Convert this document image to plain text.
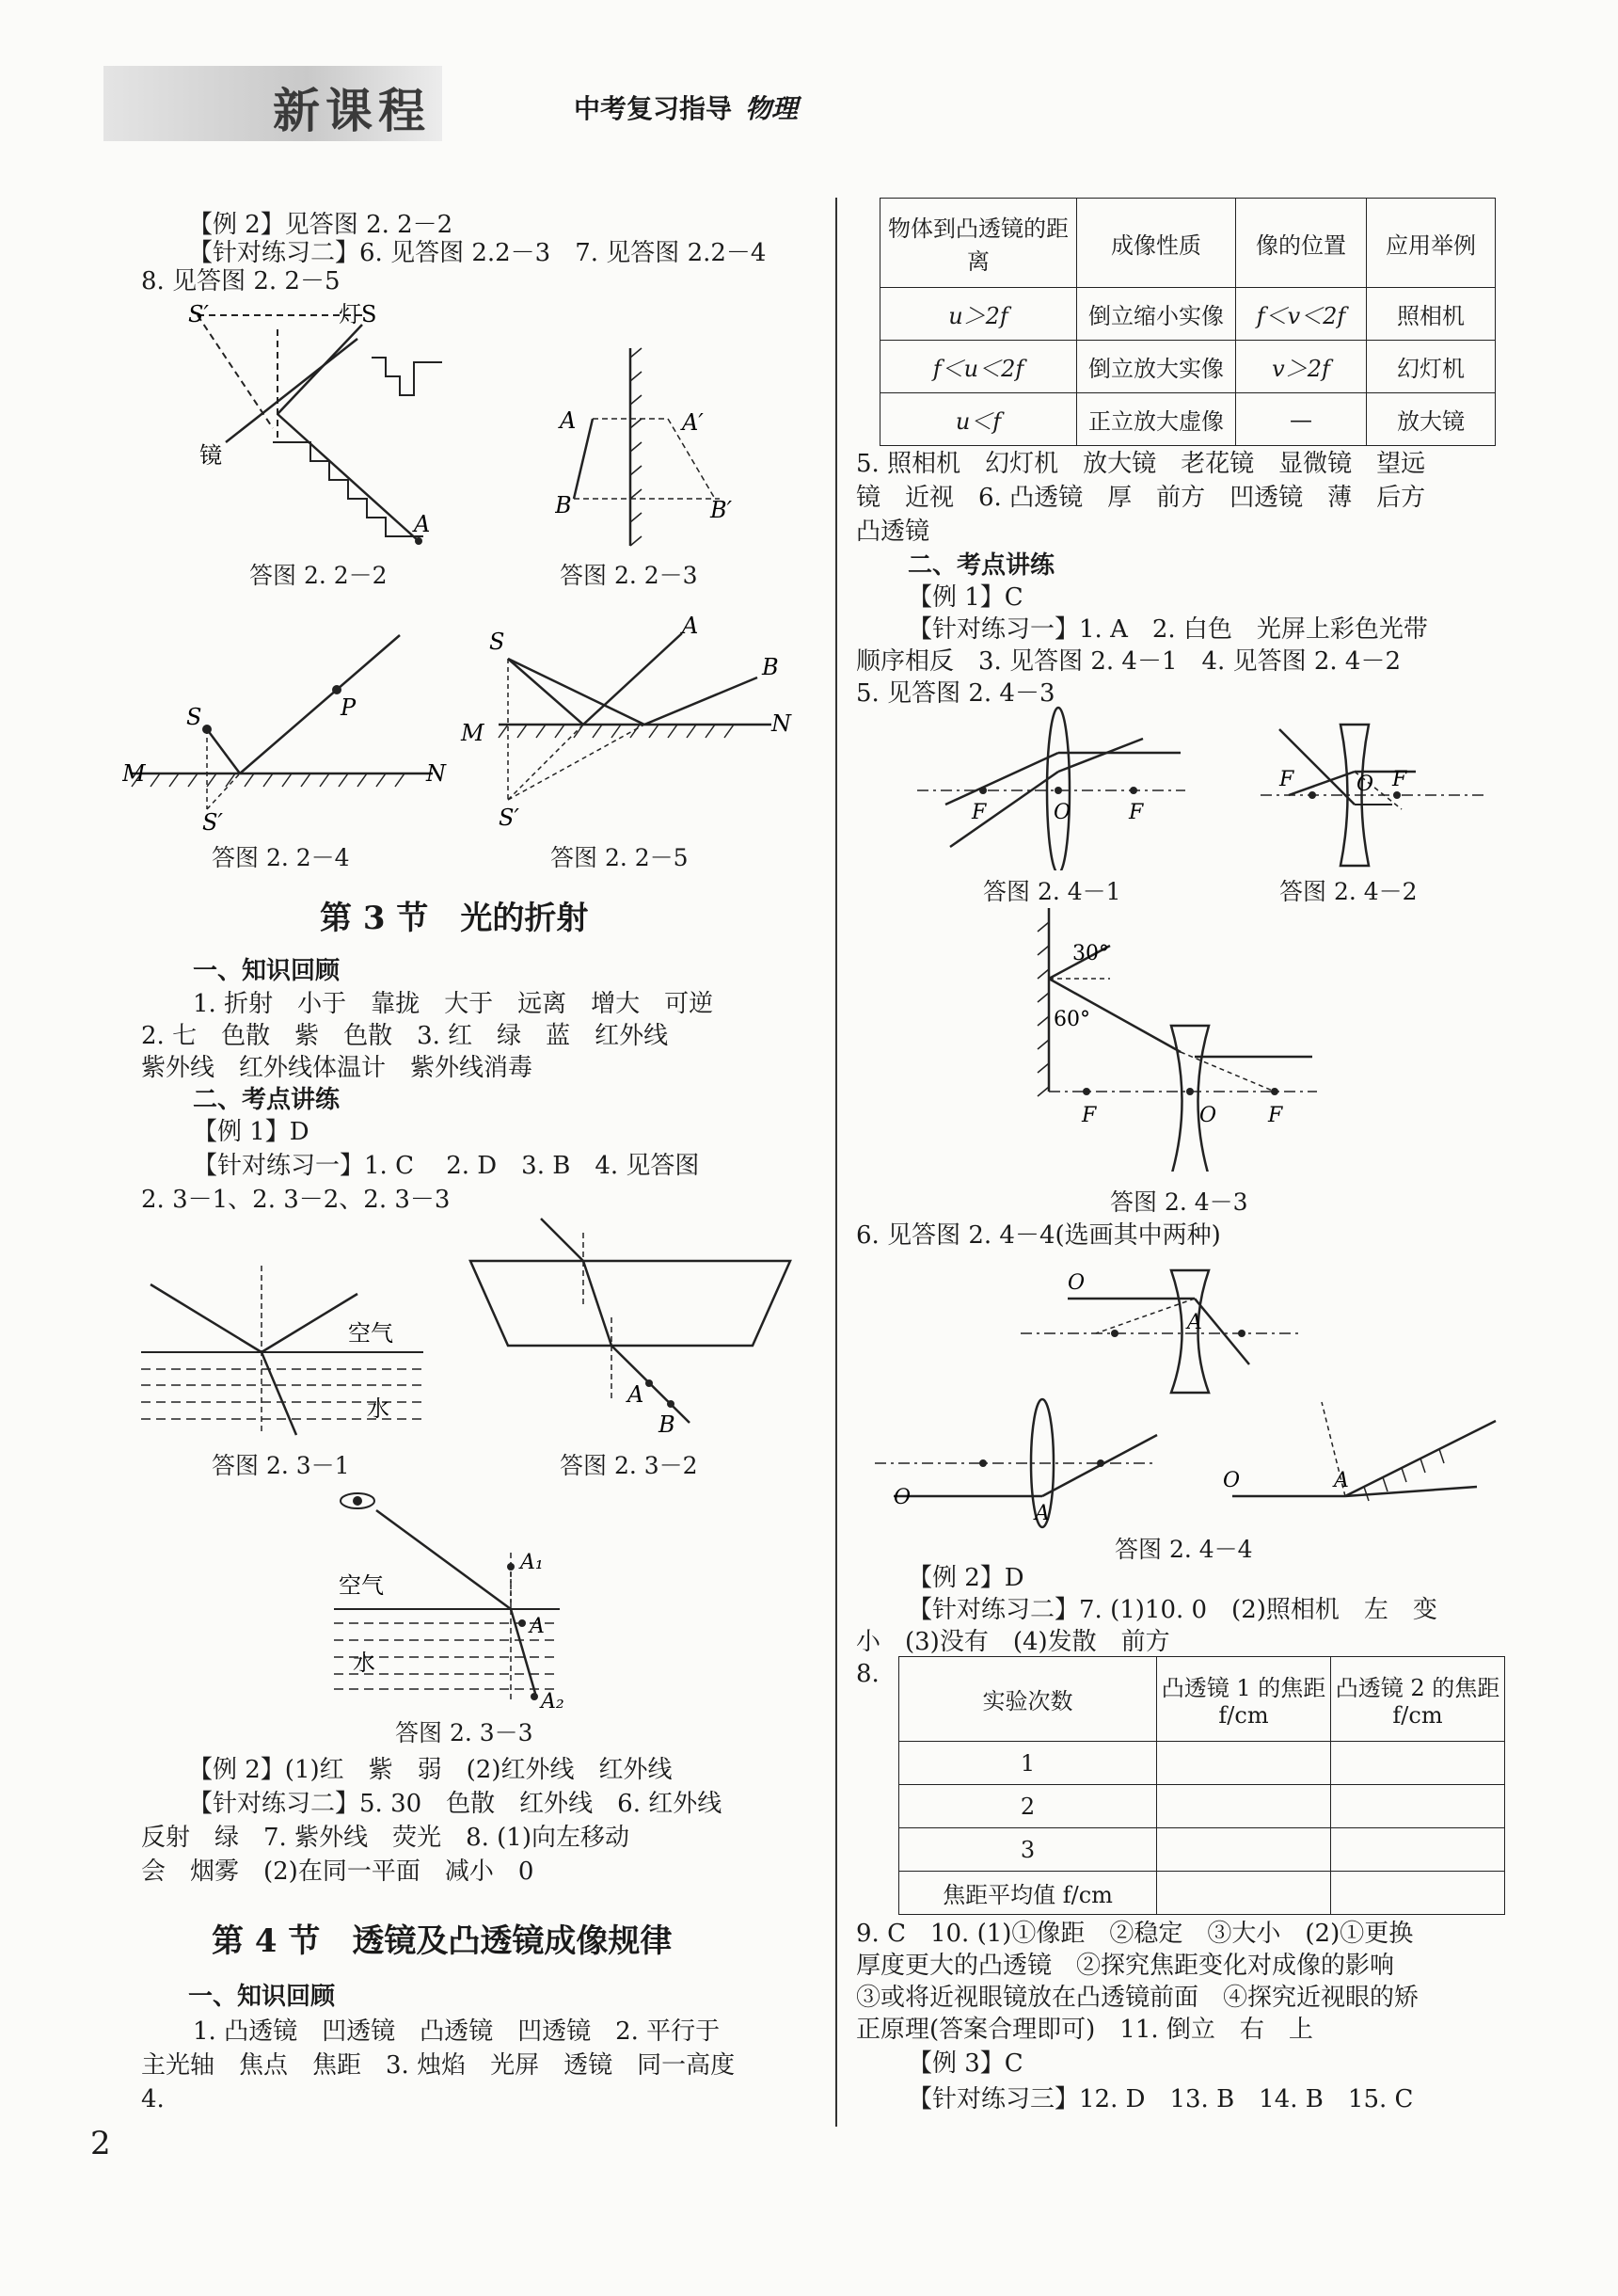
新课程	中考复习指导 物理
【例 2】见答图 2. 2－2
【针对练习二】6. 见答图 2.2－3　7. 见答图 2.2－4
8. 见答图 2. 2－5
S′	灯S
镜
A
答图 2. 2－2
A	A′
B	B′
答图 2. 2－3
S	P
M	N
S′
答图 2. 2－4
S
A
B
M	N
S′
答图 2. 2－5
第 3 节　光的折射
一、知识回顾
1. 折射　小于　靠拢　大于　远离　增大　可逆
2. 七　色散　紫　色散　3. 红　绿　蓝　红外线
紫外线　红外线体温计　紫外线消毒
二、考点讲练
【例 1】D
【针对练习一】1. C　 2. D　3. B　4. 见答图
2. 3－1、2. 3－2、2. 3－3
空气
水
答图 2. 3－1
A
B
答图 2. 3－2
空气
水
A₁
A
A₂
答图 2. 3－3
【例 2】(1)红　紫　弱　(2)红外线　红外线
【针对练习二】5. 30　色散　红外线　6. 红外线
反射　绿　7. 紫外线　荧光　8. (1)向左移动
会　烟雾　(2)在同一平面　减小　0
第 4 节　透镜及凸透镜成像规律
一、知识回顾
1. 凸透镜　凹透镜　凸透镜　凹透镜　2. 平行于
主光轴　焦点　焦距　3. 烛焰　光屏　透镜　同一高度
4.
物体到凸透镜的距离	成像性质	像的位置	应用举例
u＞2f	倒立缩小实像	f＜v＜2f	照相机
f＜u＜2f	倒立放大实像	v＞2f	幻灯机
u＜f	正立放大虚像	—	放大镜
5. 照相机　幻灯机　放大镜　老花镜　显微镜　望远
镜　近视　6. 凸透镜　厚　前方　凹透镜　薄　后方
凸透镜
二、考点讲练
【例 1】C
【针对练习一】1. A　2. 白色　光屏上彩色光带
顺序相反　3. 见答图 2. 4－1　4. 见答图 2. 4－2
5. 见答图 2. 4－3
F	O	F
答图 2. 4－1
F	O F
答图 2. 4－2
30°
60°
F	O F
答图 2. 4－3
6. 见答图 2. 4－4(选画其中两种)
O
A
O
A
O	A
答图 2. 4－4
【例 2】D
【针对练习二】7. (1)10. 0　(2)照相机　左　变
小　(3)没有　(4)发散　前方
8.
实验次数	凸透镜 1 的焦距 f/cm	凸透镜 2 的焦距 f/cm
1		
2		
3		
焦距平均值 f/cm		
9. C　10. (1)①像距　②稳定　③大小　(2)①更换
厚度更大的凸透镜　②探究焦距变化对成像的影响
③或将近视眼镜放在凸透镜前面　④探究近视眼的矫
正原理(答案合理即可)　11. 倒立　右　上
【例 3】C
【针对练习三】12. D　13. B　14. B　15. C
2
